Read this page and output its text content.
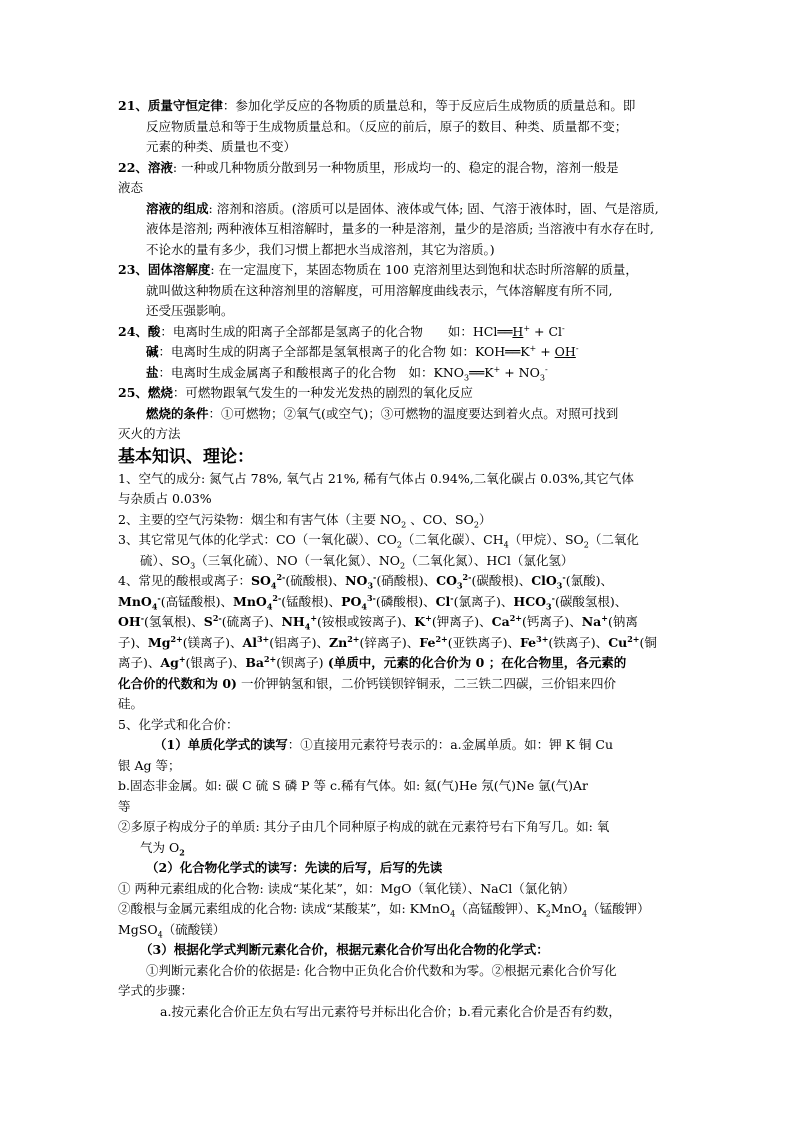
21、质量守恒定律：参加化学反应的各物质的质量总和，等于反应后生成物质的质量总和。即
反应物质量总和等于生成物质量总和。（反应的前后，原子的数目、种类、质量都不变；
元素的种类、质量也不变）
22、溶液: 一种或几种物质分散到另一种物质里，形成均一的、稳定的混合物，溶剂一般是
液态
溶液的组成: 溶剂和溶质。(溶质可以是固体、液体或气体; 固、气溶于液体时，固、气是溶质,
液体是溶剂; 两种液体互相溶解时，量多的一种是溶剂，量少的是溶质; 当溶液中有水存在时,
不论水的量有多少，我们习惯上都把水当成溶剂，其它为溶质。)
23、固体溶解度: 在一定温度下，某固态物质在 100 克溶剂里达到饱和状态时所溶解的质量，
就叫做这种物质在这种溶剂里的溶解度，可用溶解度曲线表示，气体溶解度有所不同,
还受压强影响。
24、酸：电离时生成的阳离子全部都是氢离子的化合物　　如：HCl══H+ + Cl-
碱：电离时生成的阴离子全部都是氢氧根离子的化合物 如：KOH══K+ + OH-
盐：电离时生成金属离子和酸根离子的化合物　如：$KNO_3══K^+ + NO_3^-$
25、燃烧：可燃物跟氧气发生的一种发光发热的剧烈的氧化反应
燃烧的条件：①可燃物；②氧气(或空气)；③可燃物的温度要达到着火点。对照可找到
灭火的方法
基本知识、理论：
1、空气的成分: 氮气占 78%, 氧气占 21%, 稀有气体占 0.94%,二氧化碳占 0.03%,其它气体
与杂质占 0.03%
2、主要的空气污染物：烟尘和有害气体（主要 $NO_2$ 、CO、$SO_2$）
3、其它常见气体的化学式：CO（一氧化碳）、$CO_2$（二氧化碳）、$CH_4$（甲烷）、$SO_2$（二氧化
硫）、$SO_3$（三氧化硫）、NO（一氧化氮）、$NO_2$（二氧化氮）、HCl（氯化氢）
4、常见的酸根或离子：$SO_4^{2-}$(硫酸根)、$NO_3^-$(硝酸根)、$CO_3^{2-}$(碳酸根)、ClO$_3$-(氯酸)、
MnO$_4$-(高锰酸根)、MnO$_4^{2-}$(锰酸根)、$PO_4^{3-}$(磷酸根)、Cl-(氯离子)、$HCO_3^-$(碳酸氢根)、
OH-(氢氧根)、$S^{2-}$(硫离子)、$NH_4^+$(铵根或铵离子)、K+(钾离子)、$Ca^{2+}$(钙离子)、Na+(钠离
子)、$Mg^{2+}$(镁离子)、$Al^{3+}$(铝离子)、$Zn^{2+}$(锌离子)、$Fe^{2+}$(亚铁离子)、$Fe^{3+}$(铁离子)、$Cu^{2+}$(铜
离子)、Ag+(银离子)、$Ba^{2+}$(钡离子) (单质中，元素的化合价为 0 ；在化合物里，各元素的
化合价的代数和为 0) 一价钾钠氢和银，二价钙镁钡锌铜汞，二三铁二四碳，三价铝来四价
硅。
5、化学式和化合价：
（1）单质化学式的读写：①直接用元素符号表示的：a.金属单质。如：钾 K 铜 Cu
银 Ag 等；
b.固态非金属。如: 碳 C 硫 S 磷 P 等 c.稀有气体。如: 氦(气)He 氖(气)Ne 氩(气)Ar
等
②多原子构成分子的单质: 其分子由几个同种原子构成的就在元素符号右下角写几。如: 氧
气为 $O_2$
（2）化合物化学式的读写：先读的后写，后写的先读
① 两种元素组成的化合物: 读成“某化某”，如：MgO（氧化镁）、NaCl（氯化钠）
②酸根与金属元素组成的化合物: 读成“某酸某”，如: KMnO$_4$（高锰酸钾）、$K_2MnO_4$（锰酸钾）
MgSO$_4$（硫酸镁）
（3）根据化学式判断元素化合价，根据元素化合价写出化合物的化学式：
①判断元素化合价的依据是: 化合物中正负化合价代数和为零。②根据元素化合价写化
学式的步骤：
a.按元素化合价正左负右写出元素符号并标出化合价；b.看元素化合价是否有约数，
